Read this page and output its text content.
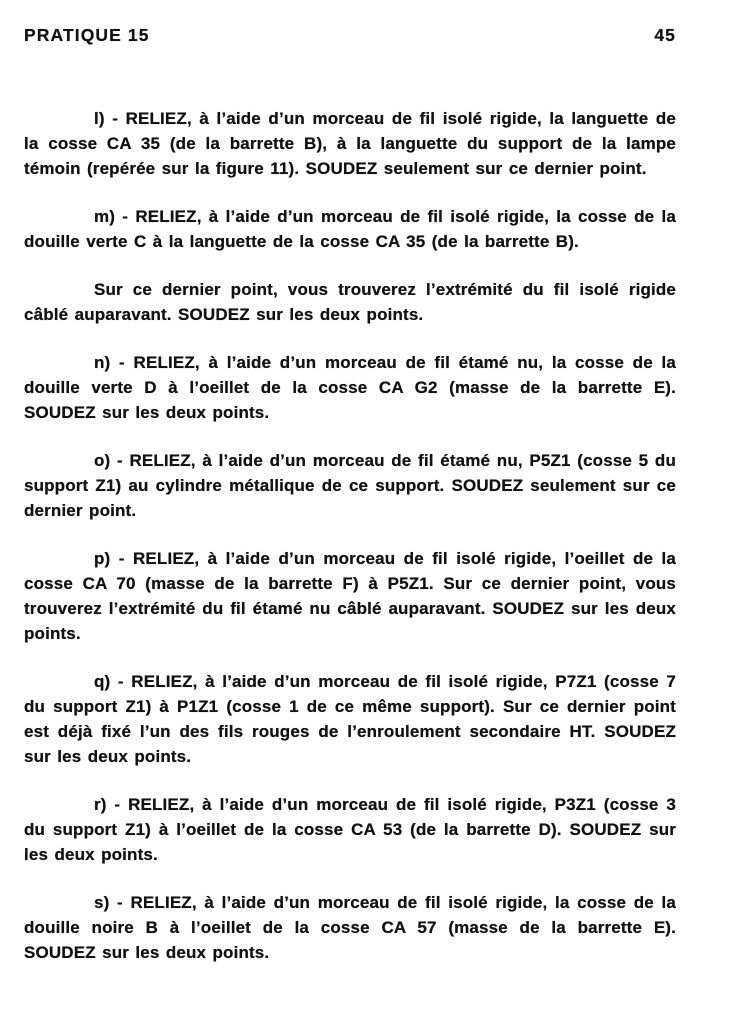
PRATIQUE 15	45

l) - RELIEZ, à l’aide d’un morceau de fil isolé rigide, la languette de la cosse CA 35 (de la barrette B), à la languette du support de la lampe témoin (repérée sur la figure 11). SOUDEZ seulement sur ce dernier point.

m) - RELIEZ, à l’aide d’un morceau de fil isolé rigide, la cosse de la douille verte C à la languette de la cosse CA 35 (de la barrette B).

Sur ce dernier point, vous trouverez l’extrémité du fil isolé rigide câblé auparavant. SOUDEZ sur les deux points.

n) - RELIEZ, à l’aide d’un morceau de fil étamé nu, la cosse de la douille verte D à l’oeillet de la cosse CA G2 (masse de la barrette E). SOUDEZ sur les deux points.

o) - RELIEZ, à l’aide d’un morceau de fil étamé nu, P5Z1 (cosse 5 du support Z1) au cylindre métallique de ce support. SOUDEZ seulement sur ce dernier point.

p) - RELIEZ, à l’aide d’un morceau de fil isolé rigide, l’oeillet de la cosse CA 70 (masse de la barrette F) à P5Z1. Sur ce dernier point, vous trouverez l’extrémité du fil étamé nu câblé auparavant. SOUDEZ sur les deux points.

q) - RELIEZ, à l’aide d’un morceau de fil isolé rigide, P7Z1 (cosse 7 du support Z1) à P1Z1 (cosse 1 de ce même support). Sur ce dernier point est déjà fixé l’un des fils rouges de l’enroulement secondaire HT. SOUDEZ sur les deux points.

r) - RELIEZ, à l’aide d’un morceau de fil isolé rigide, P3Z1 (cosse 3 du support Z1) à l’oeillet de la cosse CA 53 (de la barrette D). SOUDEZ sur les deux points.

s) - RELIEZ, à l’aide d’un morceau de fil isolé rigide, la cosse de la douille noire B à l’oeillet de la cosse CA 57 (masse de la barrette E). SOUDEZ sur les deux points.
